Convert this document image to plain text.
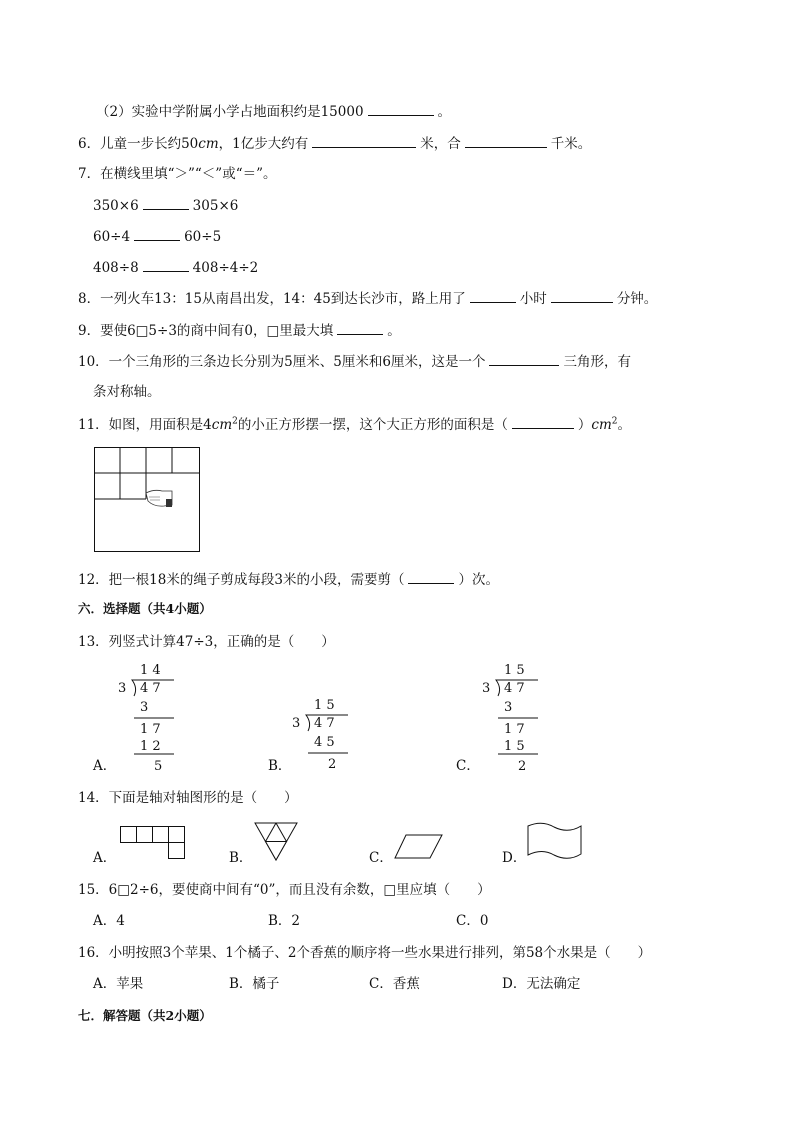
（2）实验中学附属小学占地面积约是15000	。
6．儿童一步长约50cm，1亿步大约有	米，合	千米。
7．在横线里填“＞”“＜”或“＝”。
350×6	305×6
60÷4	60÷5
408÷8	408÷4÷2
8．一列火车13：15从南昌出发，14：45到达长沙市，路上用了	小时	分钟。
9．要使6□5÷3的商中间有0，□里最大填	。
10．一个三角形的三条边长分别为5厘米、5厘米和6厘米，这是一个	三角形，有
条对称轴。
11．如图，用面积是$4cm^2$的小正方形摆一摆，这个大正方形的面积是（	）$cm^2$。
12．把一根18米的绳子剪成每段3米的小段，需要剪（	）次。
六．选择题（共4小题）
13．列竖式计算47÷3，正确的是（　　）
1 4
3 4 7
3
1 7
1 2
5
A．
1 5
3 4 7
4 5
2
B．
1 5
3 4 7
3
1 7
1 5
2
C．
14．下面是轴对轴图形的是（　　）
A．	B．	C．	D．
15．6□2÷6，要使商中间有“0”，而且没有余数，□里应填（　　）
A．4	B．2	C．0
16．小明按照3个苹果、1个橘子、2个香蕉的顺序将一些水果进行排列，第58个水果是（　　）
A．苹果	B．橘子	C．香蕉	D．无法确定
七．解答题（共2小题）
